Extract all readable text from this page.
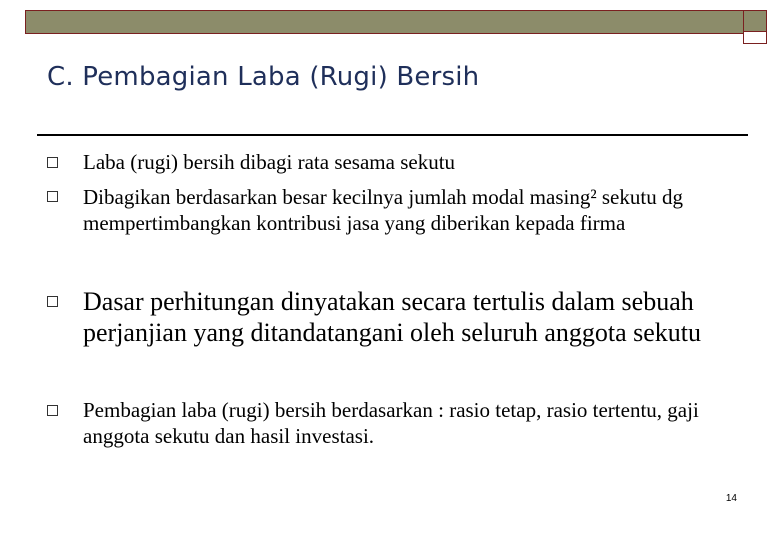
C. Pembagian Laba (Rugi) Bersih
Laba (rugi) bersih dibagi rata sesama sekutu
Dibagikan berdasarkan besar kecilnya jumlah modal masing² sekutu dg mempertimbangkan kontribusi jasa yang diberikan kepada firma
Dasar perhitungan dinyatakan secara tertulis dalam sebuah perjanjian yang ditandatangani oleh seluruh anggota sekutu
Pembagian laba (rugi) bersih berdasarkan : rasio tetap, rasio tertentu, gaji anggota sekutu dan hasil investasi.
14
